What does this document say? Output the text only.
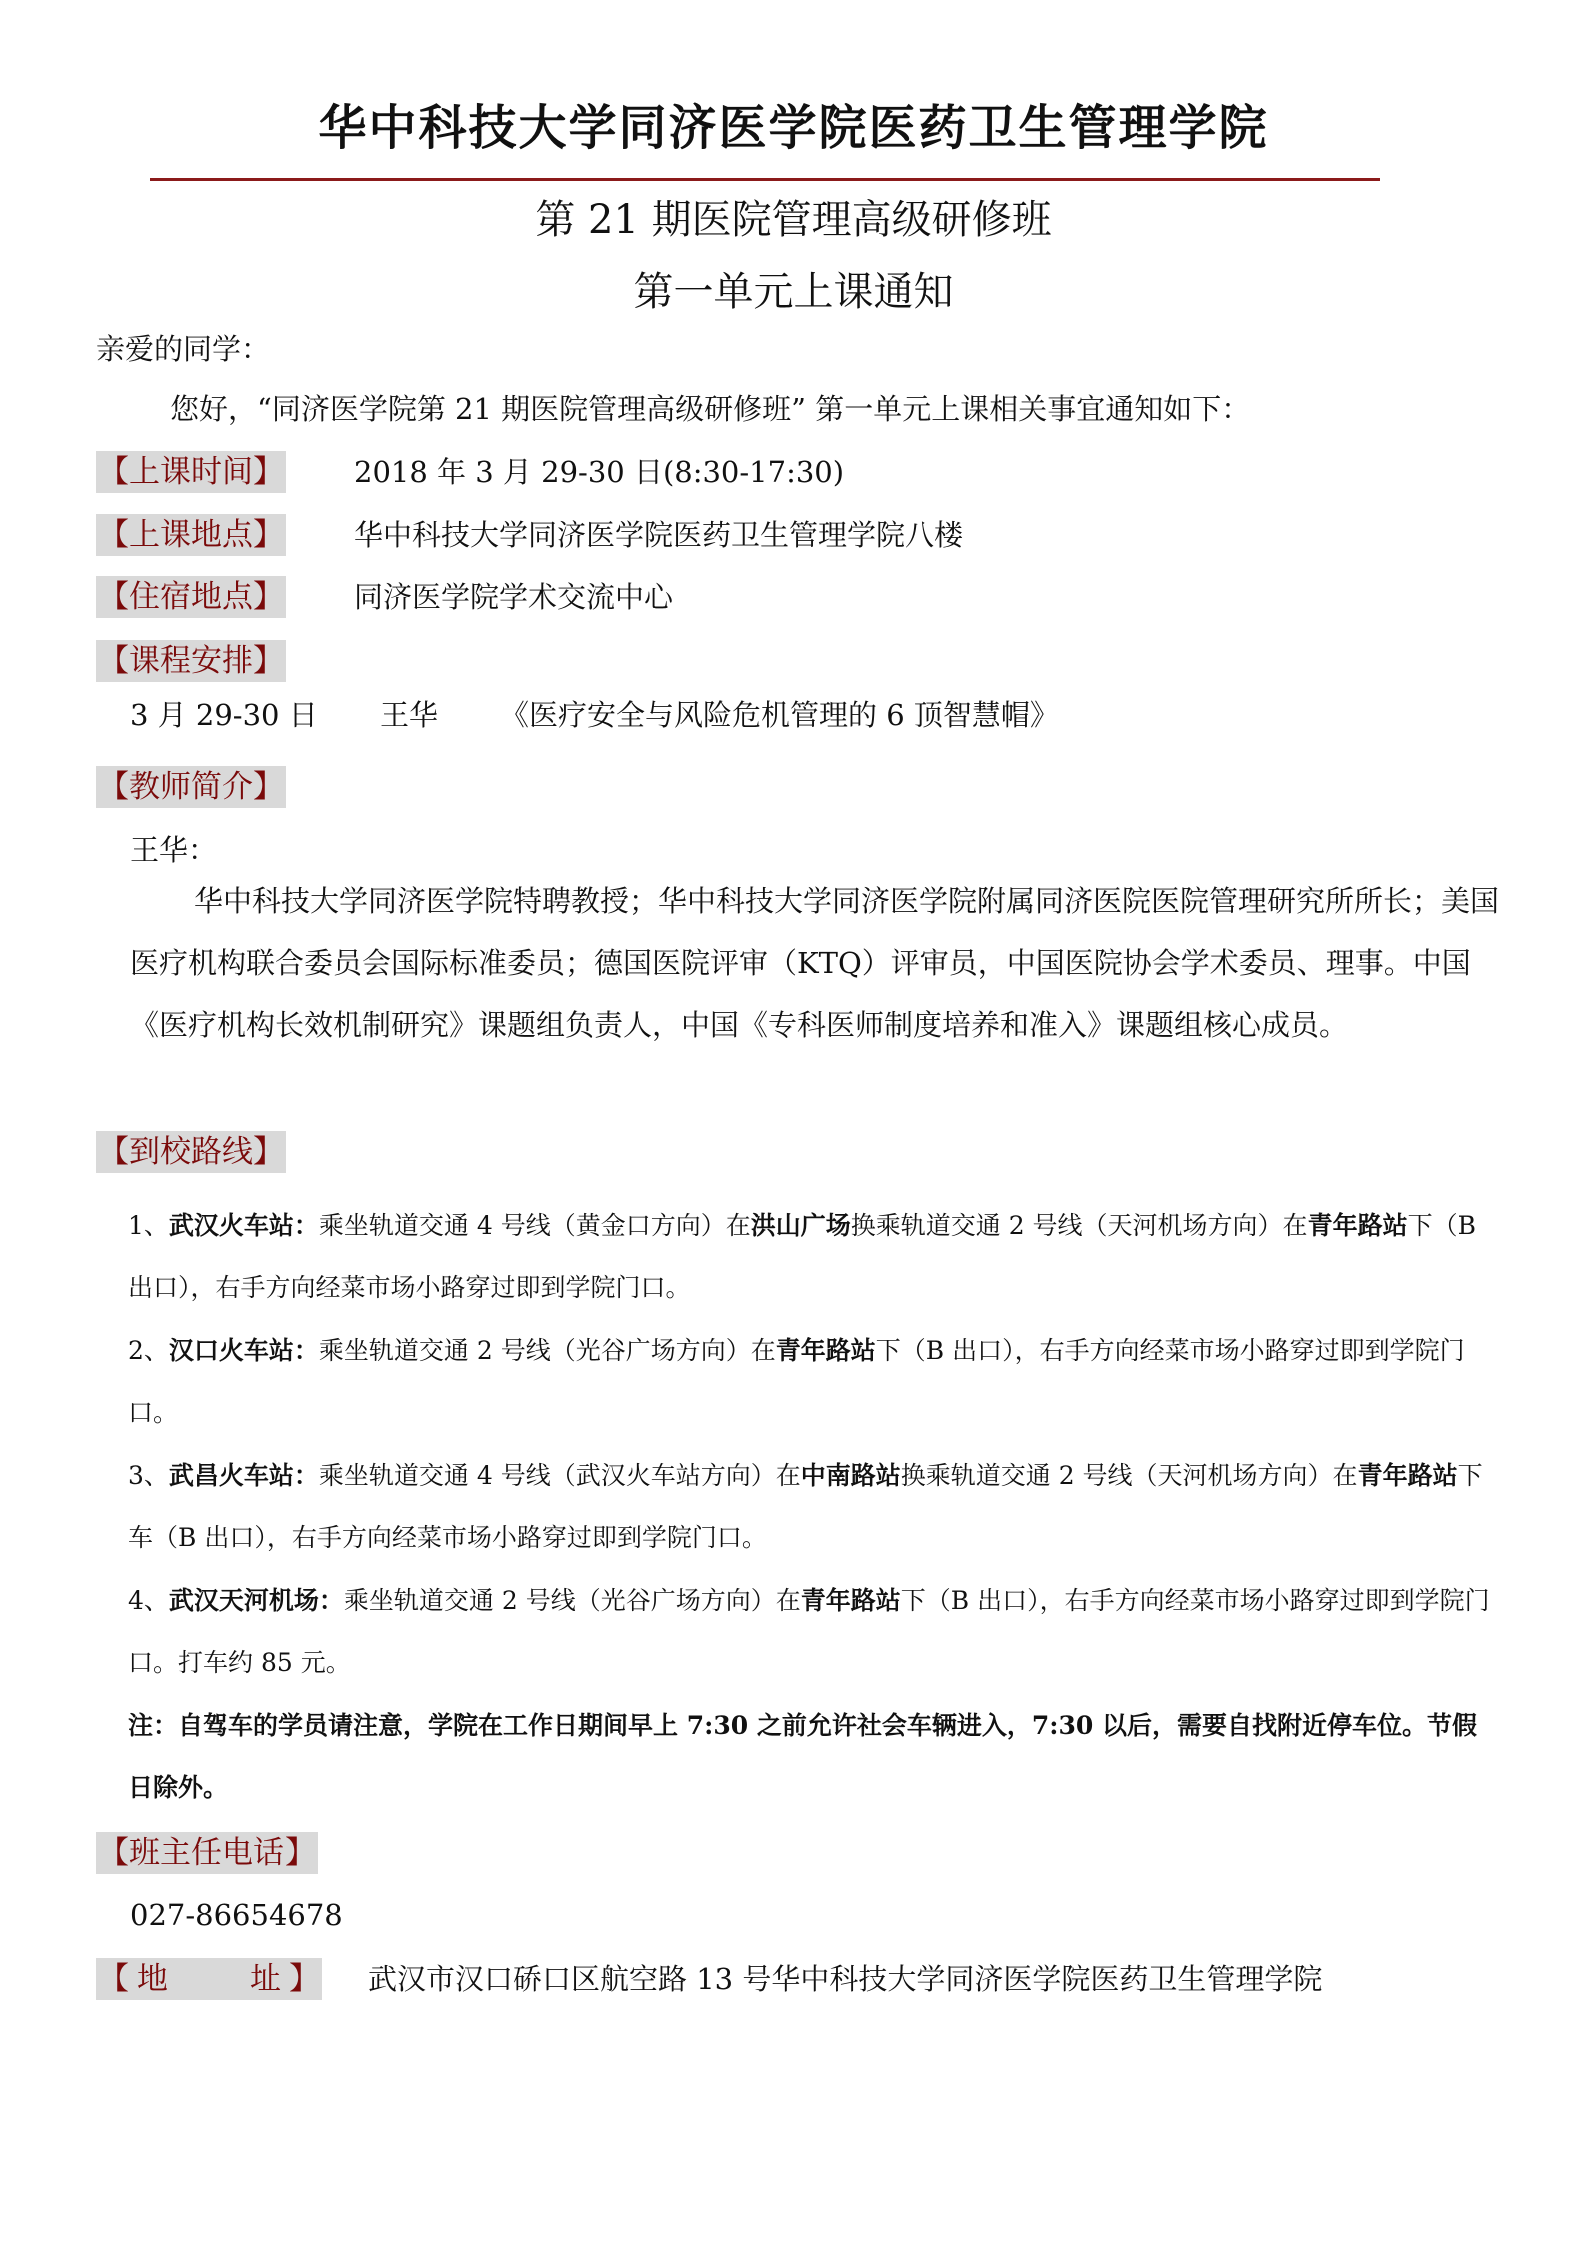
华中科技大学同济医学院医药卫生管理学院
第 21 期医院管理高级研修班
第一单元上课通知
亲爱的同学：
您好，“同济医学院第 21 期医院管理高级研修班” 第一单元上课相关事宜通知如下：
【 上课时间 】 2018 年 3 月 29-30 日(8:30-17:30)
【 上课地点 】 华中科技大学同济医学院医药卫生管理学院八楼
【 住宿地点 】 同济医学院学术交流中心
【 课程安排 】
3 月 29-30 日 王华 《医疗安全与风险危机管理的 6 顶智慧帽》
【 教师简介 】
王华：

华中科技大学同济医学院特聘教授；华中科技大学同济医学院附属同济医院医院管理研究所所长；美国医疗机构联合委员会国际标准委员；德国医院评审（KTQ）评审员，中国医院协会学术委员、理事。中国《医疗机构长效机制研究》课题组负责人，中国《专科医师制度培养和准入》课题组核心成员。

【 到校路线 】

1、武汉火车站：乘坐轨道交通 4 号线（黄金口方向）在洪山广场换乘轨道交通 2 号线（天河机场方向）在青年路站下（B 出口），右手方向经菜市场小路穿过即到学院门口。

2、汉口火车站：乘坐轨道交通 2 号线（光谷广场方向）在青年路站下（B 出口），右手方向经菜市场小路穿过即到学院门口。

3、武昌火车站：乘坐轨道交通 4 号线（武汉火车站方向）在中南路站换乘轨道交通 2 号线（天河机场方向）在青年路站下车（B 出口），右手方向经菜市场小路穿过即到学院门口。

4、武汉天河机场：乘坐轨道交通 2 号线（光谷广场方向）在青年路站下（B 出口），右手方向经菜市场小路穿过即到学院门口。打车约 85 元。

注：自驾车的学员请注意，学院在工作日期间早上 7:30 之前允许社会车辆进入，7:30 以后，需要自找附近停车位。节假日除外。

【 班主任电话 】
027-86654678
【 地 址 】 武汉市汉口硚口区航空路 13 号华中科技大学同济医学院医药卫生管理学院
